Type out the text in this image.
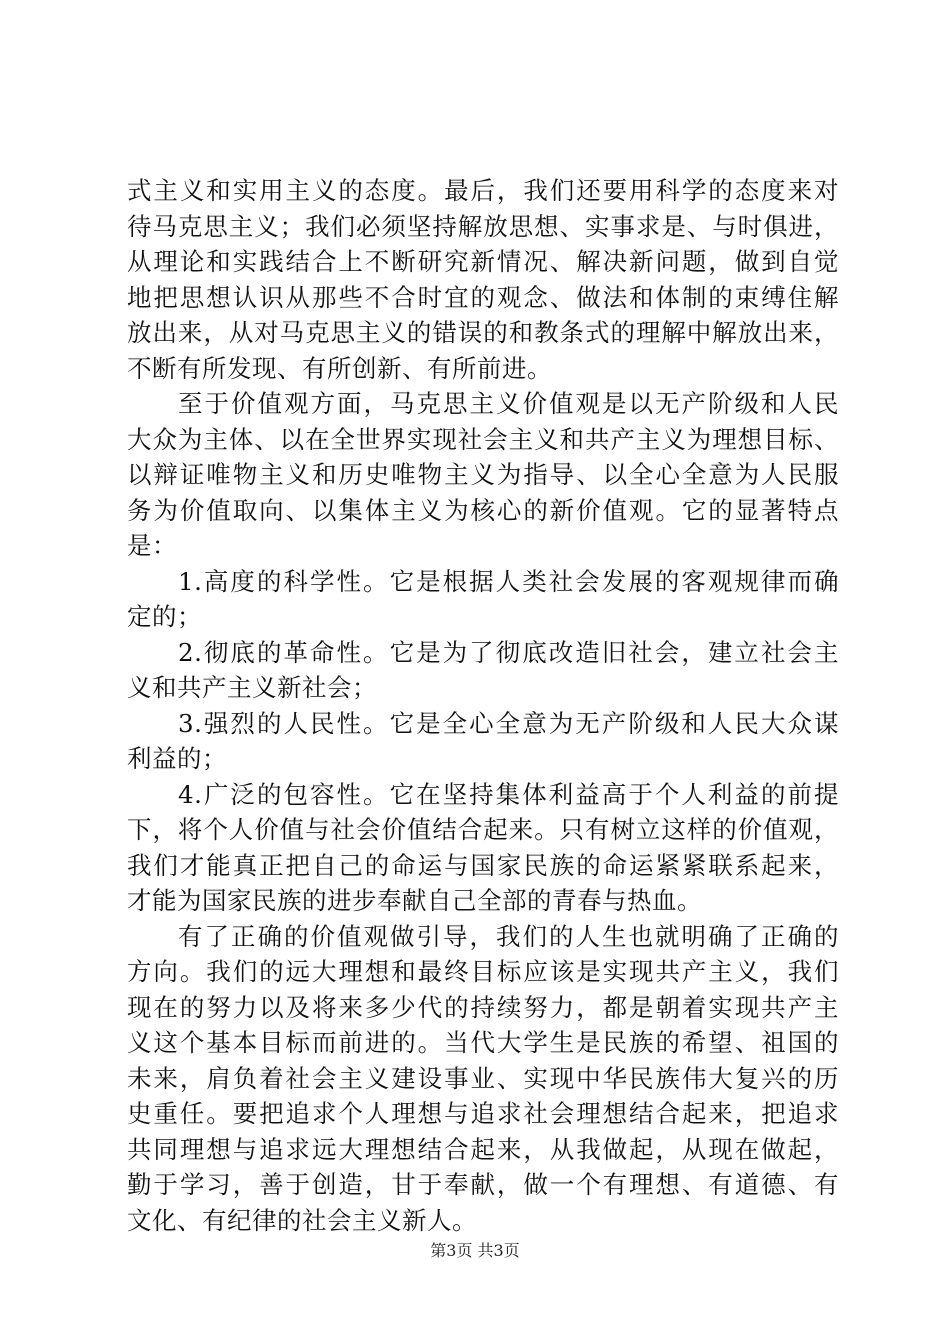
式主义和实用主义的态度。最后，我们还要用科学的态度来对
待马克思主义；我们必须坚持解放思想、实事求是、与时俱进，
从理论和实践结合上不断研究新情况、解决新问题，做到自觉
地把思想认识从那些不合时宜的观念、做法和体制的束缚住解
放出来，从对马克思主义的错误的和教条式的理解中解放出来，
不断有所发现、有所创新、有所前进。
至于价值观方面，马克思主义价值观是以无产阶级和人民
大众为主体、以在全世界实现社会主义和共产主义为理想目标、
以辩证唯物主义和历史唯物主义为指导、以全心全意为人民服
务为价值取向、以集体主义为核心的新价值观。它的显著特点
是：
1.高度的科学性。它是根据人类社会发展的客观规律而确
定的；
2.彻底的革命性。它是为了彻底改造旧社会，建立社会主
义和共产主义新社会；
3.强烈的人民性。它是全心全意为无产阶级和人民大众谋
利益的；
4.广泛的包容性。它在坚持集体利益高于个人利益的前提
下，将个人价值与社会价值结合起来。只有树立这样的价值观，
我们才能真正把自己的命运与国家民族的命运紧紧联系起来，
才能为国家民族的进步奉献自己全部的青春与热血。
有了正确的价值观做引导，我们的人生也就明确了正确的
方向。我们的远大理想和最终目标应该是实现共产主义，我们
现在的努力以及将来多少代的持续努力，都是朝着实现共产主
义这个基本目标而前进的。当代大学生是民族的希望、祖国的
未来，肩负着社会主义建设事业、实现中华民族伟大复兴的历
史重任。要把追求个人理想与追求社会理想结合起来，把追求
共同理想与追求远大理想结合起来，从我做起，从现在做起，
勤于学习，善于创造，甘于奉献，做一个有理想、有道德、有
文化、有纪律的社会主义新人。
第3页 共3页
